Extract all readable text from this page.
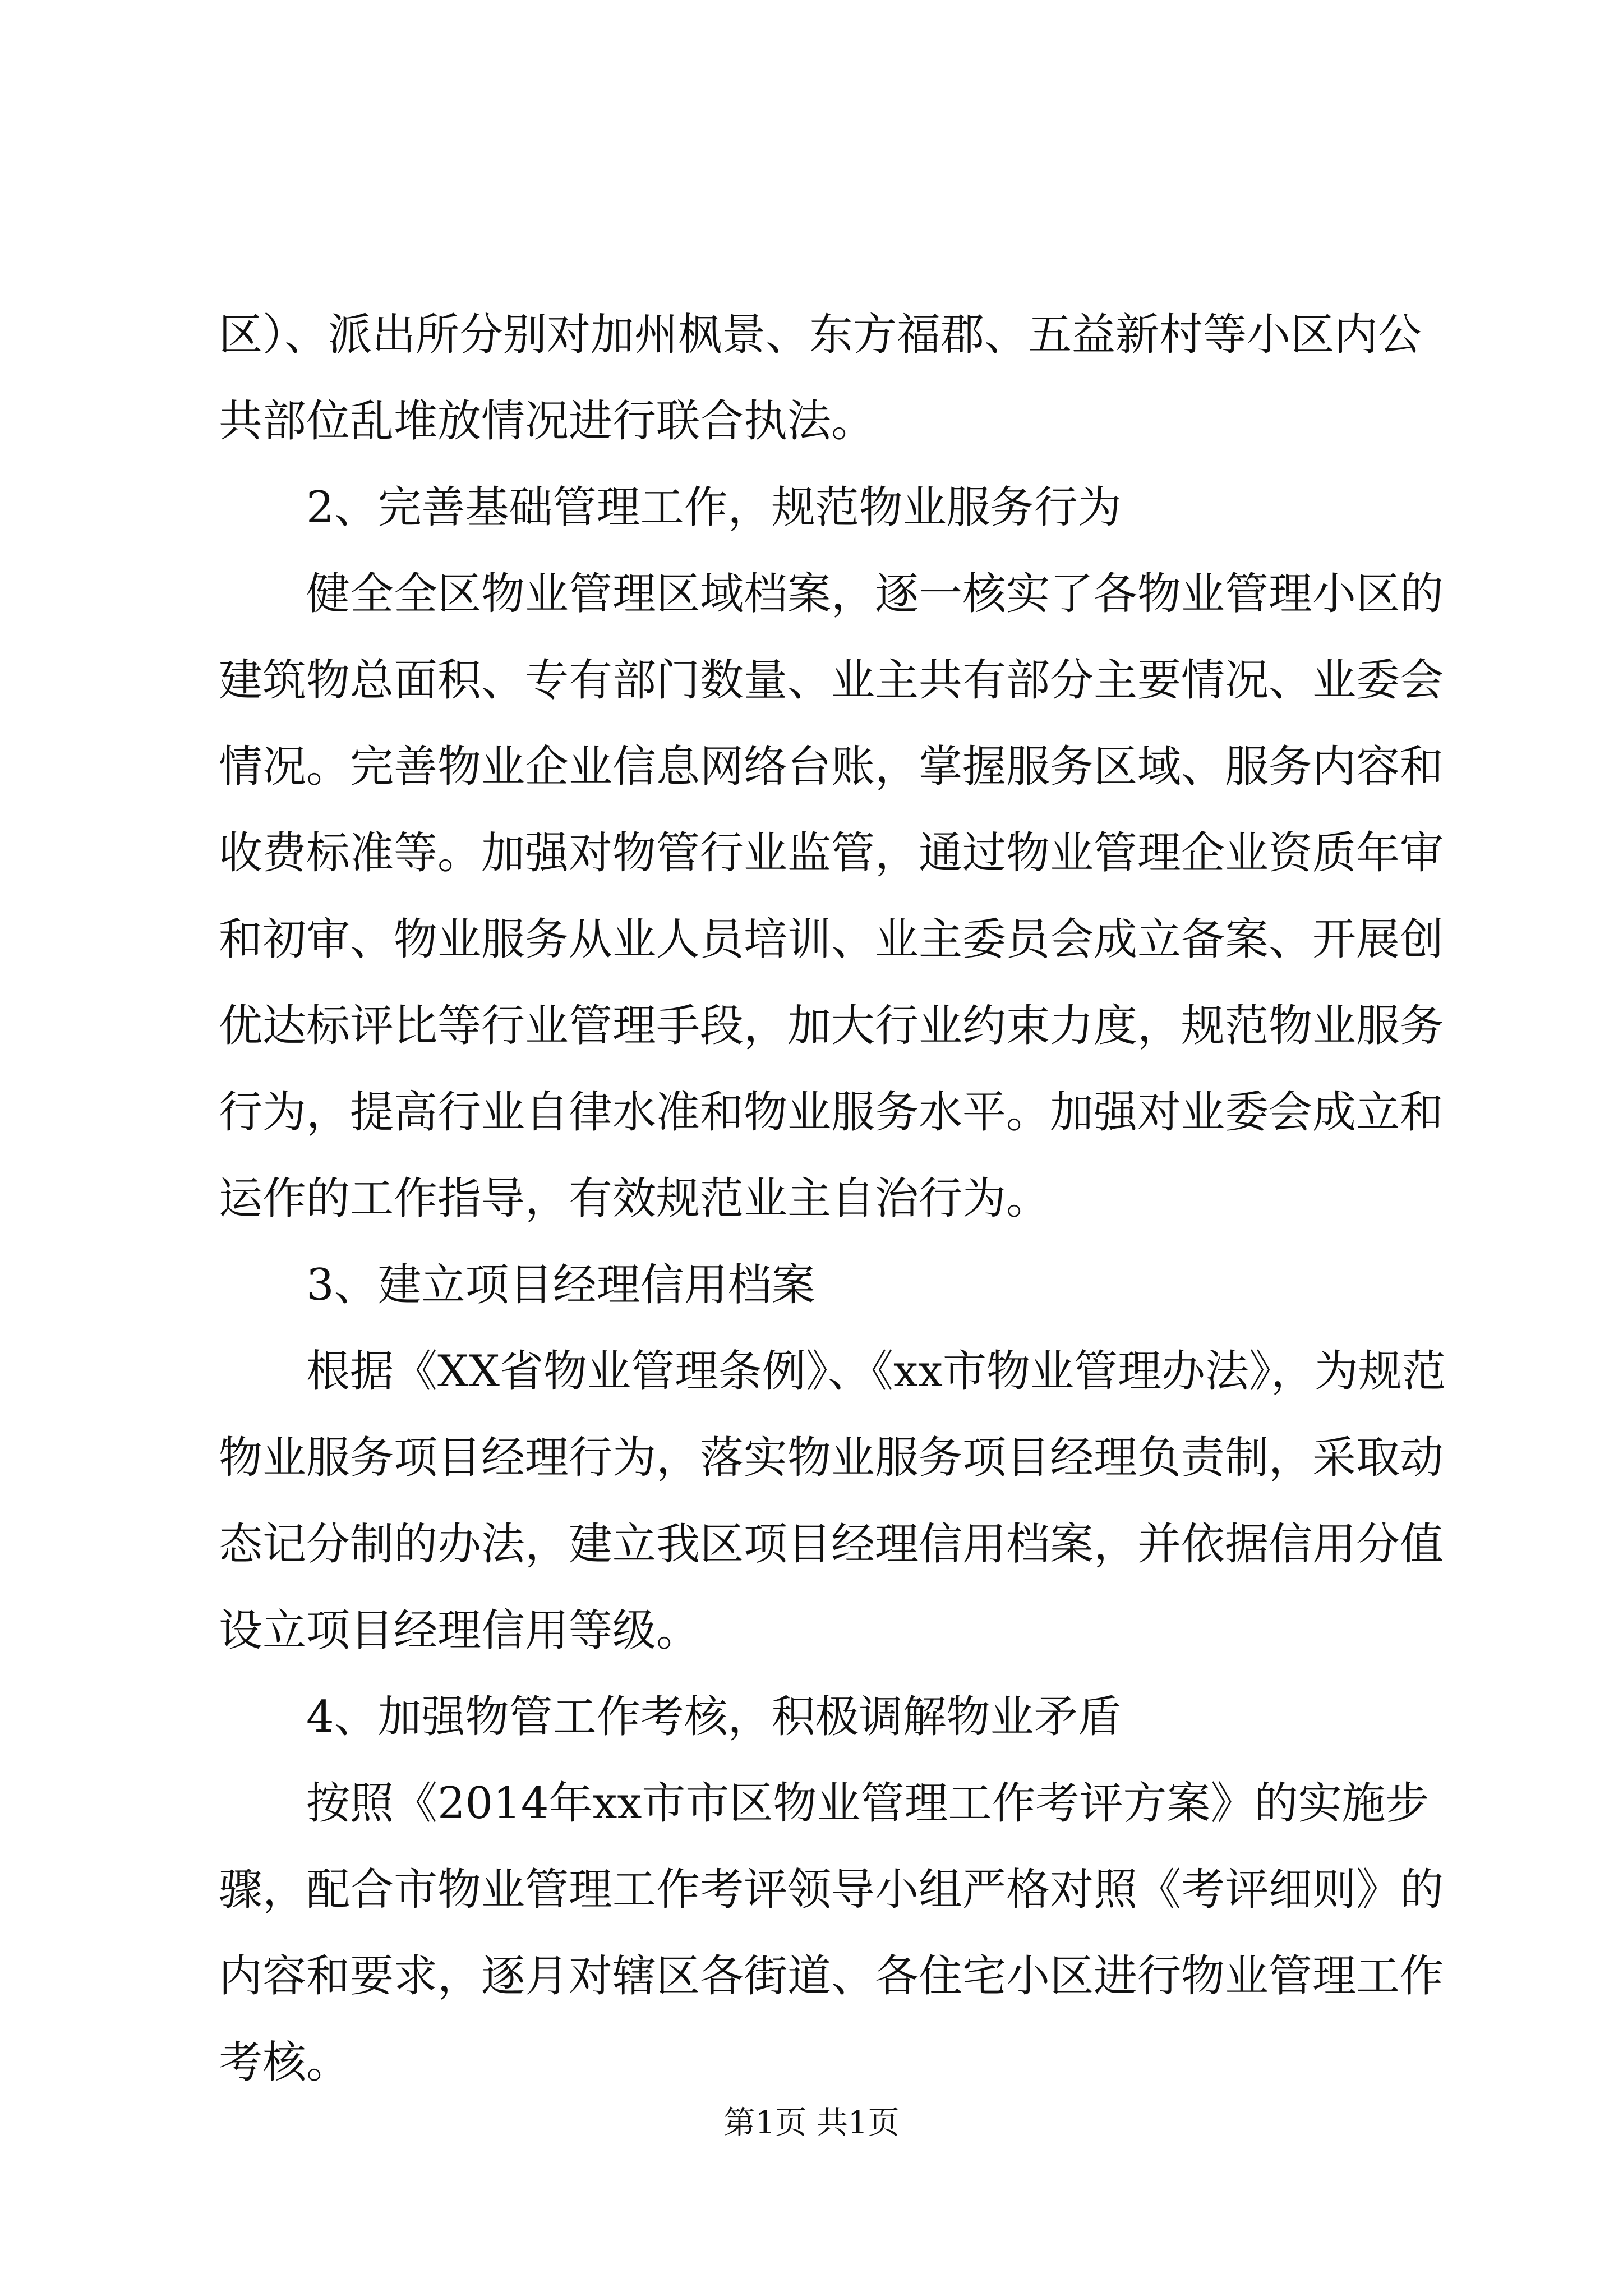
区）、派出所分别对加州枫景、东方福郡、五益新村等小区内公
共部位乱堆放情况进行联合执法。
2、完善基础管理工作，规范物业服务行为
健全全区物业管理区域档案，逐一核实了各物业管理小区的
建筑物总面积、专有部门数量、业主共有部分主要情况、业委会
情况。完善物业企业信息网络台账，掌握服务区域、服务内容和
收费标准等。加强对物管行业监管，通过物业管理企业资质年审
和初审、物业服务从业人员培训、业主委员会成立备案、开展创
优达标评比等行业管理手段，加大行业约束力度，规范物业服务
行为，提高行业自律水准和物业服务水平。加强对业委会成立和
运作的工作指导，有效规范业主自治行为。
3、建立项目经理信用档案
根据《XX省物业管理条例》、《xx市物业管理办法》，为规范
物业服务项目经理行为，落实物业服务项目经理负责制，采取动
态记分制的办法，建立我区项目经理信用档案，并依据信用分值
设立项目经理信用等级。
4、加强物管工作考核，积极调解物业矛盾
按照《2014年xx市市区物业管理工作考评方案》的实施步
骤，配合市物业管理工作考评领导小组严格对照《考评细则》的
内容和要求，逐月对辖区各街道、各住宅小区进行物业管理工作
考核。
第1页 共1页
